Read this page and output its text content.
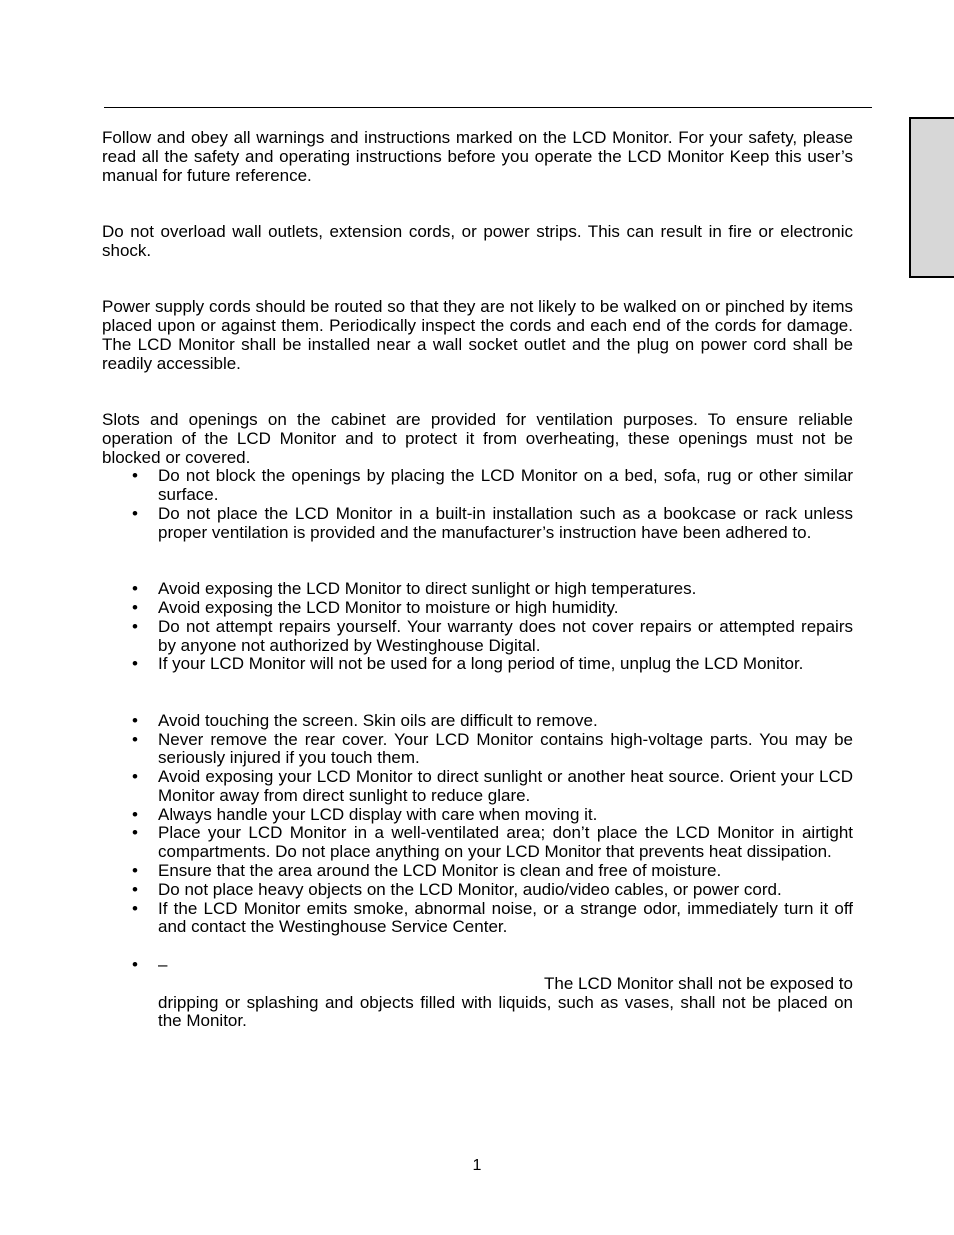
Follow and obey all warnings and instructions marked on the LCD Monitor. For your safety, please read all the safety and operating instructions before you operate the LCD Monitor Keep this user’s manual for future reference.

Do not overload wall outlets, extension cords, or power strips. This can result in fire or electronic shock.

Power supply cords should be routed so that they are not likely to be walked on or pinched by items placed upon or against them. Periodically inspect the cords and each end of the cords for damage. The LCD Monitor shall be installed near a wall socket outlet and the plug on power cord shall be readily accessible.

Slots and openings on the cabinet are provided for ventilation purposes. To ensure reliable operation of the LCD Monitor and to protect it from overheating, these openings must not be blocked or covered.

• Do not block the openings by placing the LCD Monitor on a bed, sofa, rug or other similar surface.
• Do not place the LCD Monitor in a built-in installation such as a bookcase or rack unless proper ventilation is provided and the manufacturer’s instruction have been adhered to.
• Avoid exposing the LCD Monitor to direct sunlight or high temperatures.
• Avoid exposing the LCD Monitor to moisture or high humidity.
• Do not attempt repairs yourself. Your warranty does not cover repairs or attempted repairs by anyone not authorized by Westinghouse Digital.
• If your LCD Monitor will not be used for a long period of time, unplug the LCD Monitor.
• Avoid touching the screen. Skin oils are difficult to remove.
• Never remove the rear cover. Your LCD Monitor contains high-voltage parts. You may be seriously injured if you touch them.
• Avoid exposing your LCD Monitor to direct sunlight or another heat source. Orient your LCD Monitor away from direct sunlight to reduce glare.
• Always handle your LCD display with care when moving it.
• Place your LCD Monitor in a well-ventilated area; don’t place the LCD Monitor in airtight compartments. Do not place anything on your LCD Monitor that prevents heat dissipation.
• Ensure that the area around the LCD Monitor is clean and free of moisture.
• Do not place heavy objects on the LCD Monitor, audio/video cables, or power cord.
• If the LCD Monitor emits smoke, abnormal noise, or a strange odor, immediately turn it off and contact the Westinghouse Service Center.
• –
The LCD Monitor shall not be exposed to
dripping or splashing and objects filled with liquids, such as vases, shall not be placed on the Monitor.
1
